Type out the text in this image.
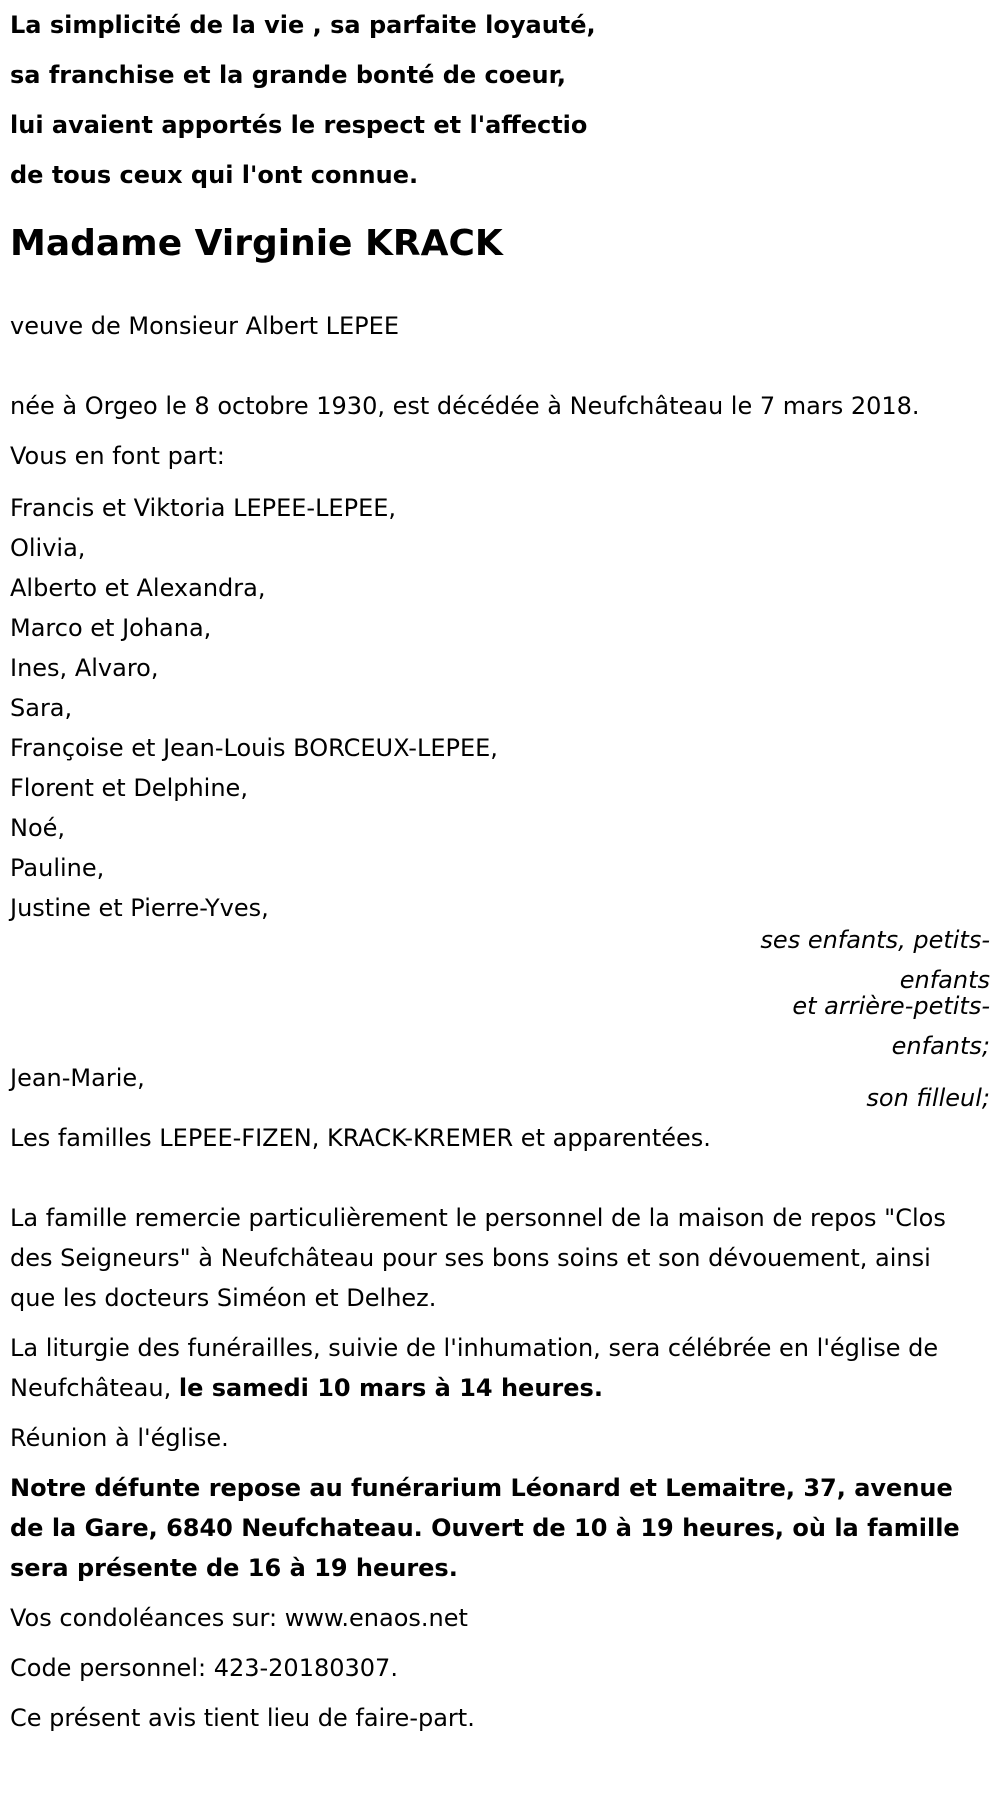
La simplicité de la vie , sa parfaite loyauté,
sa franchise et la grande bonté de coeur,
lui avaient apportés le respect et l'affectio
de tous ceux qui l'ont connue.
Madame Virginie KRACK
veuve de Monsieur Albert LEPEE
née à Orgeo le 8 octobre 1930, est décédée à Neufchâteau le 7 mars 2018.
Vous en font part:
Francis et Viktoria LEPEE-LEPEE,
Olivia,
Alberto et Alexandra,
Marco et Johana,
Ines, Alvaro,
Sara,
Françoise et Jean-Louis BORCEUX-LEPEE,
Florent et Delphine,
Noé,
Pauline,
Justine et Pierre-Yves,
ses enfants, petits-enfants
et arrière-petits-enfants;
Jean-Marie,
son filleul;
Les familles LEPEE-FIZEN, KRACK-KREMER et apparentées.
La famille remercie particulièrement le personnel de la maison de repos "Clos des Seigneurs" à Neufchâteau pour ses bons soins et son dévouement, ainsi que les docteurs Siméon et Delhez.
La liturgie des funérailles, suivie de l'inhumation, sera célébrée en l'église de Neufchâteau, le samedi 10 mars à 14 heures.
Réunion à l'église.
Notre défunte repose au funérarium Léonard et Lemaitre, 37, avenue de la Gare, 6840 Neufchateau. Ouvert de 10 à 19 heures, où la famille sera présente de 16 à 19 heures.
Vos condoléances sur: www.enaos.net
Code personnel: 423-20180307.
Ce présent avis tient lieu de faire-part.
